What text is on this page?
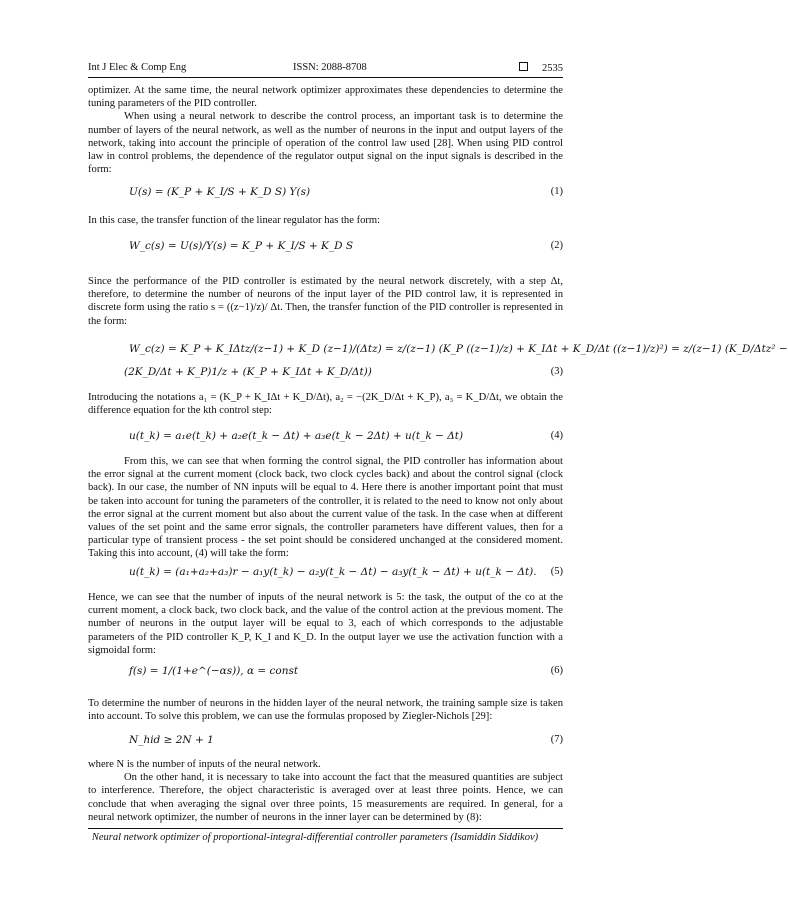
Int J Elec & Comp Eng	ISSN: 2088-8708	2535

optimizer. At the same time, the neural network optimizer approximates these dependencies to determine the tuning parameters of the PID controller.

When using a neural network to describe the control process, an important task is to determine the number of layers of the neural network, as well as the number of neurons in the input and output layers of the network, taking into account the principle of operation of the control law used [28]. When using PID control law in control problems, the dependence of the regulator output signal on the input signals is described in the form:

U(s) = (K_P + K_I/S + K_D S) Y(s)	(1)

In this case, the transfer function of the linear regulator has the form:

W_c(s) = U(s)/Y(s) = K_P + K_I/S + K_D S	(2)

Since the performance of the PID controller is estimated by the neural network discretely, with a step Δt, therefore, to determine the number of neurons of the input layer of the PID control law, it is represented in discrete form using the ratio s = ((z−1)/z)/ Δt. Then, the transfer function of the PID controller is represented in the form:

W_c(z) = K_P + K_IΔtz/(z−1) + K_D (z−1)/(Δtz) = z/(z−1) (K_P ((z−1)/z) + K_IΔt + K_D/Δt ((z−1)/z)²) = z/(z−1) (K_D/Δtz² −
(2K_D/Δt + K_P)1/z + (K_P + K_IΔt + K_D/Δt))	(3)

Introducing the notations a₁ = (K_P + K_IΔt + K_D/Δt), a₂ = −(2K_D/Δt + K_P), a₃ = K_D/Δt, we obtain the difference equation for the kth control step:

u(t_k) = a₁e(t_k) + a₂e(t_k − Δt) + a₃e(t_k − 2Δt) + u(t_k − Δt)	(4)

From this, we can see that when forming the control signal, the PID controller has information about the error signal at the current moment (clock back, two clock cycles back) and about the control signal (clock back). In our case, the number of NN inputs will be equal to 4. Here there is another important point that must be taken into account for tuning the parameters of the controller, it is related to the need to know not only about the error signal at the current moment but also about the current value of the task. In the case when at different values of the set point and the same error signals, the controller parameters have different values, then for a particular type of transient process - the set point should be considered unchanged at the considered moment. Taking this into account, (4) will take the form:

u(t_k) = (a₁+a₂+a₃)r − a₁y(t_k) − a₂y(t_k − Δt) − a₃y(t_k − Δt) + u(t_k − Δt). (5)

Hence, we can see that the number of inputs of the neural network is 5: the task, the output of the co at the current moment, a clock back, two clock back, and the value of the control action at the previous moment. The number of neurons in the output layer will be equal to 3, each of which corresponds to the adjustable parameters of the PID controller K_P, K_I and K_D. In the output layer we use the activation function with a sigmoidal form:

f(s) = 1/(1+e^(−αs)), α = const	(6)

To determine the number of neurons in the hidden layer of the neural network, the training sample size is taken into account. To solve this problem, we can use the formulas proposed by Ziegler-Nichols [29]:

N_hid ≥ 2N + 1	(7)

where N is the number of inputs of the neural network.

On the other hand, it is necessary to take into account the fact that the measured quantities are subject to interference. Therefore, the object characteristic is averaged over at least three points. Hence, we can conclude that when averaging the signal over three points, 15 measurements are required. In general, for a neural network optimizer, the number of neurons in the inner layer can be determined by (8):

Neural network optimizer of proportional-integral-differential controller parameters (Isamiddin Siddikov)
